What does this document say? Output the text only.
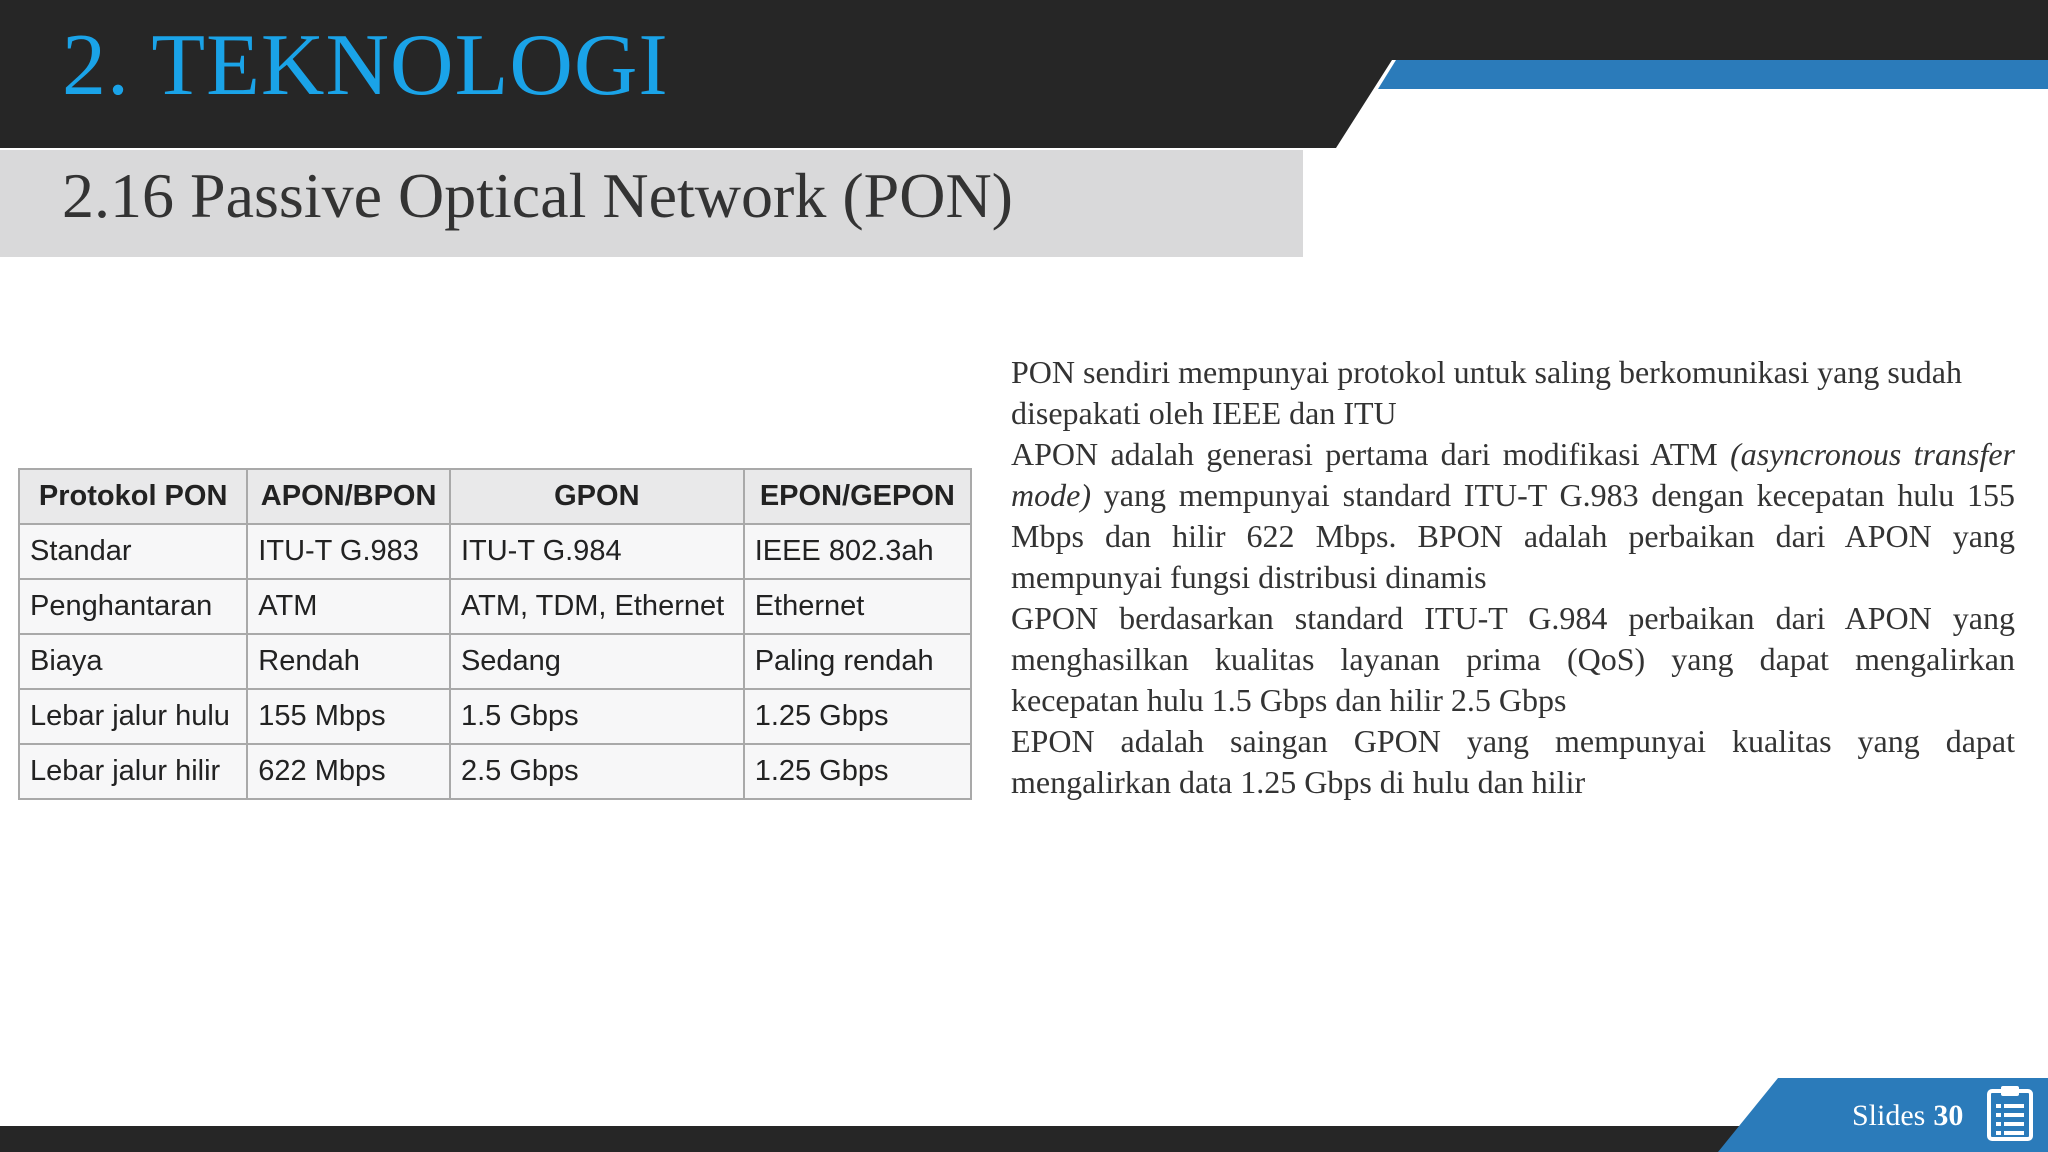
2. TEKNOLOGI
2.16 Passive Optical Network (PON)
Protokol PON	APON/BPON	GPON	EPON/GEPON
Standar	ITU-T G.983	ITU-T G.984	IEEE 802.3ah
Penghantaran	ATM	ATM, TDM, Ethernet	Ethernet
Biaya	Rendah	Sedang	Paling rendah
Lebar jalur hulu	155 Mbps	1.5 Gbps	1.25 Gbps
Lebar jalur hilir	622 Mbps	2.5 Gbps	1.25 Gbps

PON sendiri mempunyai protokol untuk saling berkomunikasi yang sudah disepakati oleh IEEE dan ITU

APON adalah generasi pertama dari modifikasi ATM (asyncronous transfer mode) yang mempunyai standard ITU-T G.983 dengan kecepatan hulu 155 Mbps dan hilir 622 Mbps. BPON adalah perbaikan dari APON yang mempunyai fungsi distribusi dinamis

GPON berdasarkan standard ITU-T G.984 perbaikan dari APON yang menghasilkan kualitas layanan prima (QoS) yang dapat mengalirkan kecepatan hulu 1.5 Gbps dan hilir 2.5 Gbps

EPON adalah saingan GPON yang mempunyai kualitas yang dapat mengalirkan data 1.25 Gbps di hulu dan hilir

Slides 30
